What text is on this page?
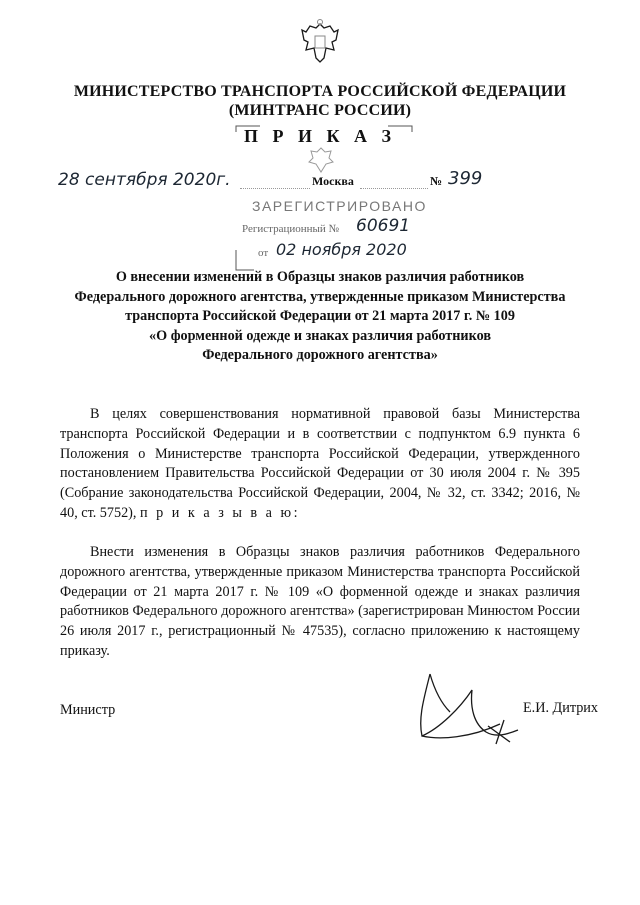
МИНИСТЕРСТВО ТРАНСПОРТА РОССИЙСКОЙ ФЕДЕРАЦИИ
(МИНТРАНС РОССИИ)
П Р И К А З
28 сентября 2020г.	Москва	№ 399
ЗАРЕГИСТРИРОВАНО
Регистрационный № 60691
от 02 ноября 2020
О внесении изменений в Образцы знаков различия работников
Федерального дорожного агентства, утвержденные приказом Министерства
транспорта Российской Федерации от 21 марта 2017 г. № 109
«О форменной одежде и знаках различия работников
Федерального дорожного агентства»
В целях совершенствования нормативной правовой базы Министерства транспорта Российской Федерации и в соответствии с подпунктом 6.9 пункта 6 Положения о Министерстве транспорта Российской Федерации, утвержденного постановлением Правительства Российской Федерации от 30 июля 2004 г. № 395 (Собрание законодательства Российской Федерации, 2004, № 32, ст. 3342; 2016, № 40, ст. 5752), п р и к а з ы в а ю:
Внести изменения в Образцы знаков различия работников Федерального дорожного агентства, утвержденные приказом Министерства транспорта Российской Федерации от 21 марта 2017 г. № 109 «О форменной одежде и знаках различия работников Федерального дорожного агентства» (зарегистрирован Минюстом России 26 июля 2017 г., регистрационный № 47535), согласно приложению к настоящему приказу.
Министр	Е.И. Дитрих
